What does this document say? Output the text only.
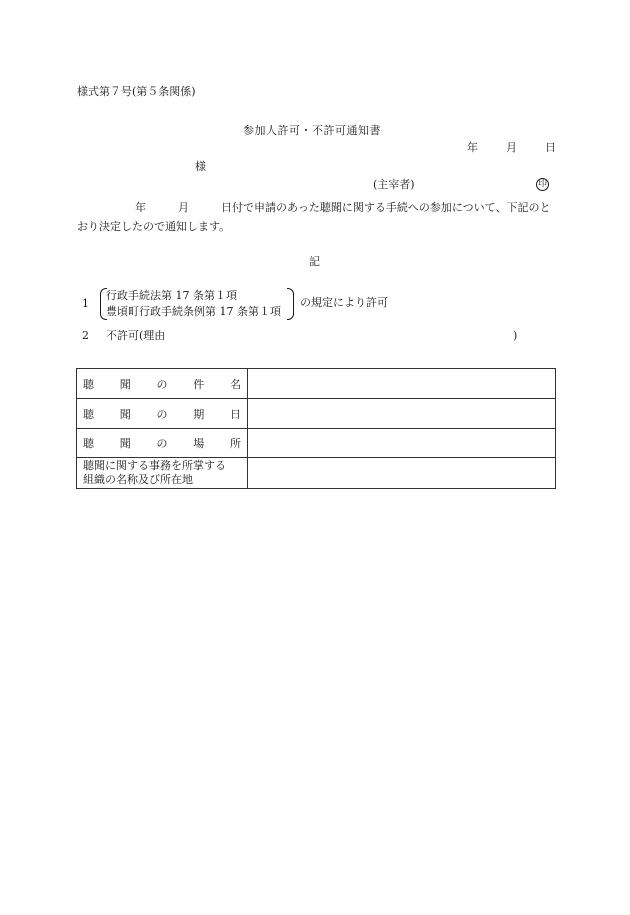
様式第７号(第５条関係)
参加人許可・不許可通知書
年	月	日
様
(主宰者)	印
年	月	日付で申請のあった聴聞に関する手続への参加について、下記のとおり決定したので通知します。
記
1
行政手続法第 17 条第１項
豊頃町行政手続条例第 17 条第１項
の規定により許可
2 不許可(理由	)
聴 聞 の 件 名	

聴 聞 の 期 日	

聴 聞 の 場 所	

聴聞に関する事務を所掌する
組織の名称及び所在地	
